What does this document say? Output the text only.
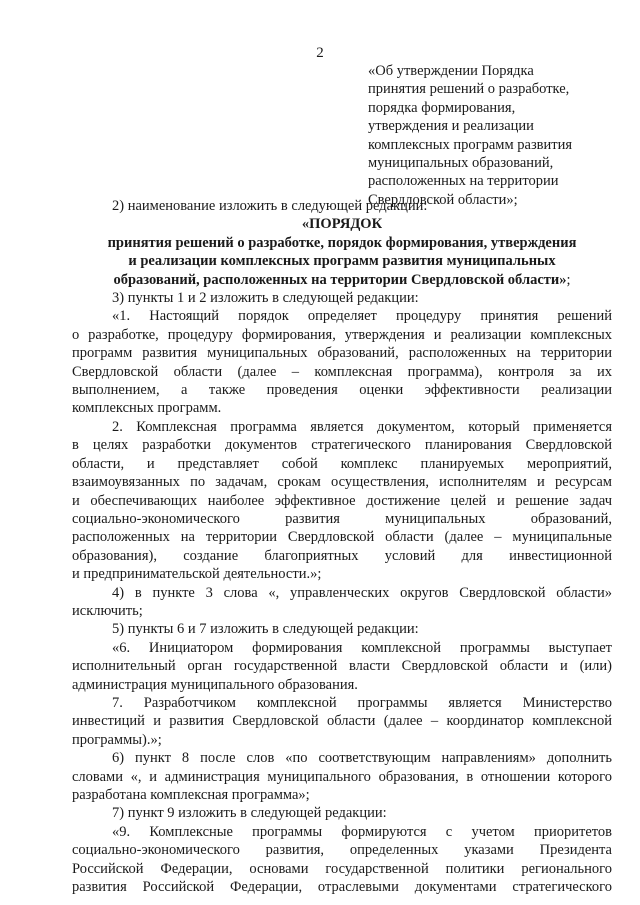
2
«Об утверждении Порядка
принятия решений о разработке,
порядка формирования,
утверждения и реализации
комплексных программ развития
муниципальных образований,
расположенных на территории
Свердловской области»;

2) наименование изложить в следующей редакции:

«ПОРЯДОК
принятия решений о разработке, порядок формирования, утверждения
и реализации комплексных программ развития муниципальных
образований, расположенных на территории Свердловской области»;

3) пункты 1 и 2 изложить в следующей редакции:

«1. Настоящий порядок определяет процедуру принятия решений
о разработке, процедуру формирования, утверждения и реализации комплексных
программ развития муниципальных образований, расположенных на территории
Свердловской области (далее – комплексная программа), контроля за их
выполнением, а также проведения оценки эффективности реализации
комплексных программ.
2. Комплексная программа является документом, который применяется
в целях разработки документов стратегического планирования Свердловской
области, и представляет собой комплекс планируемых мероприятий,
взаимоувязанных по задачам, срокам осуществления, исполнителям и ресурсам
и обеспечивающих наиболее эффективное достижение целей и решение задач
социально-экономического развития муниципальных образований,
расположенных на территории Свердловской области (далее – муниципальные
образования), создание благоприятных условий для инвестиционной
и предпринимательской деятельности.»;
4) в пункте 3 слова «, управленческих округов Свердловской области»
исключить;

5) пункты 6 и 7 изложить в следующей редакции:

«6. Инициатором формирования комплексной программы выступает
исполнительный орган государственной власти Свердловской области и (или)
администрация муниципального образования.
7. Разработчиком комплексной программы является Министерство
инвестиций и развития Свердловской области (далее – координатор комплексной
программы).»;
6) пункт 8 после слов «по соответствующим направлениям» дополнить
словами «, и администрация муниципального образования, в отношении которого
разработана комплексная программа»;

7) пункт 9 изложить в следующей редакции:

«9. Комплексные программы формируются с учетом приоритетов
социально-экономического развития, определенных указами Президента
Российской Федерации, основами государственной политики регионального
развития Российской Федерации, отраслевыми документами стратегического
